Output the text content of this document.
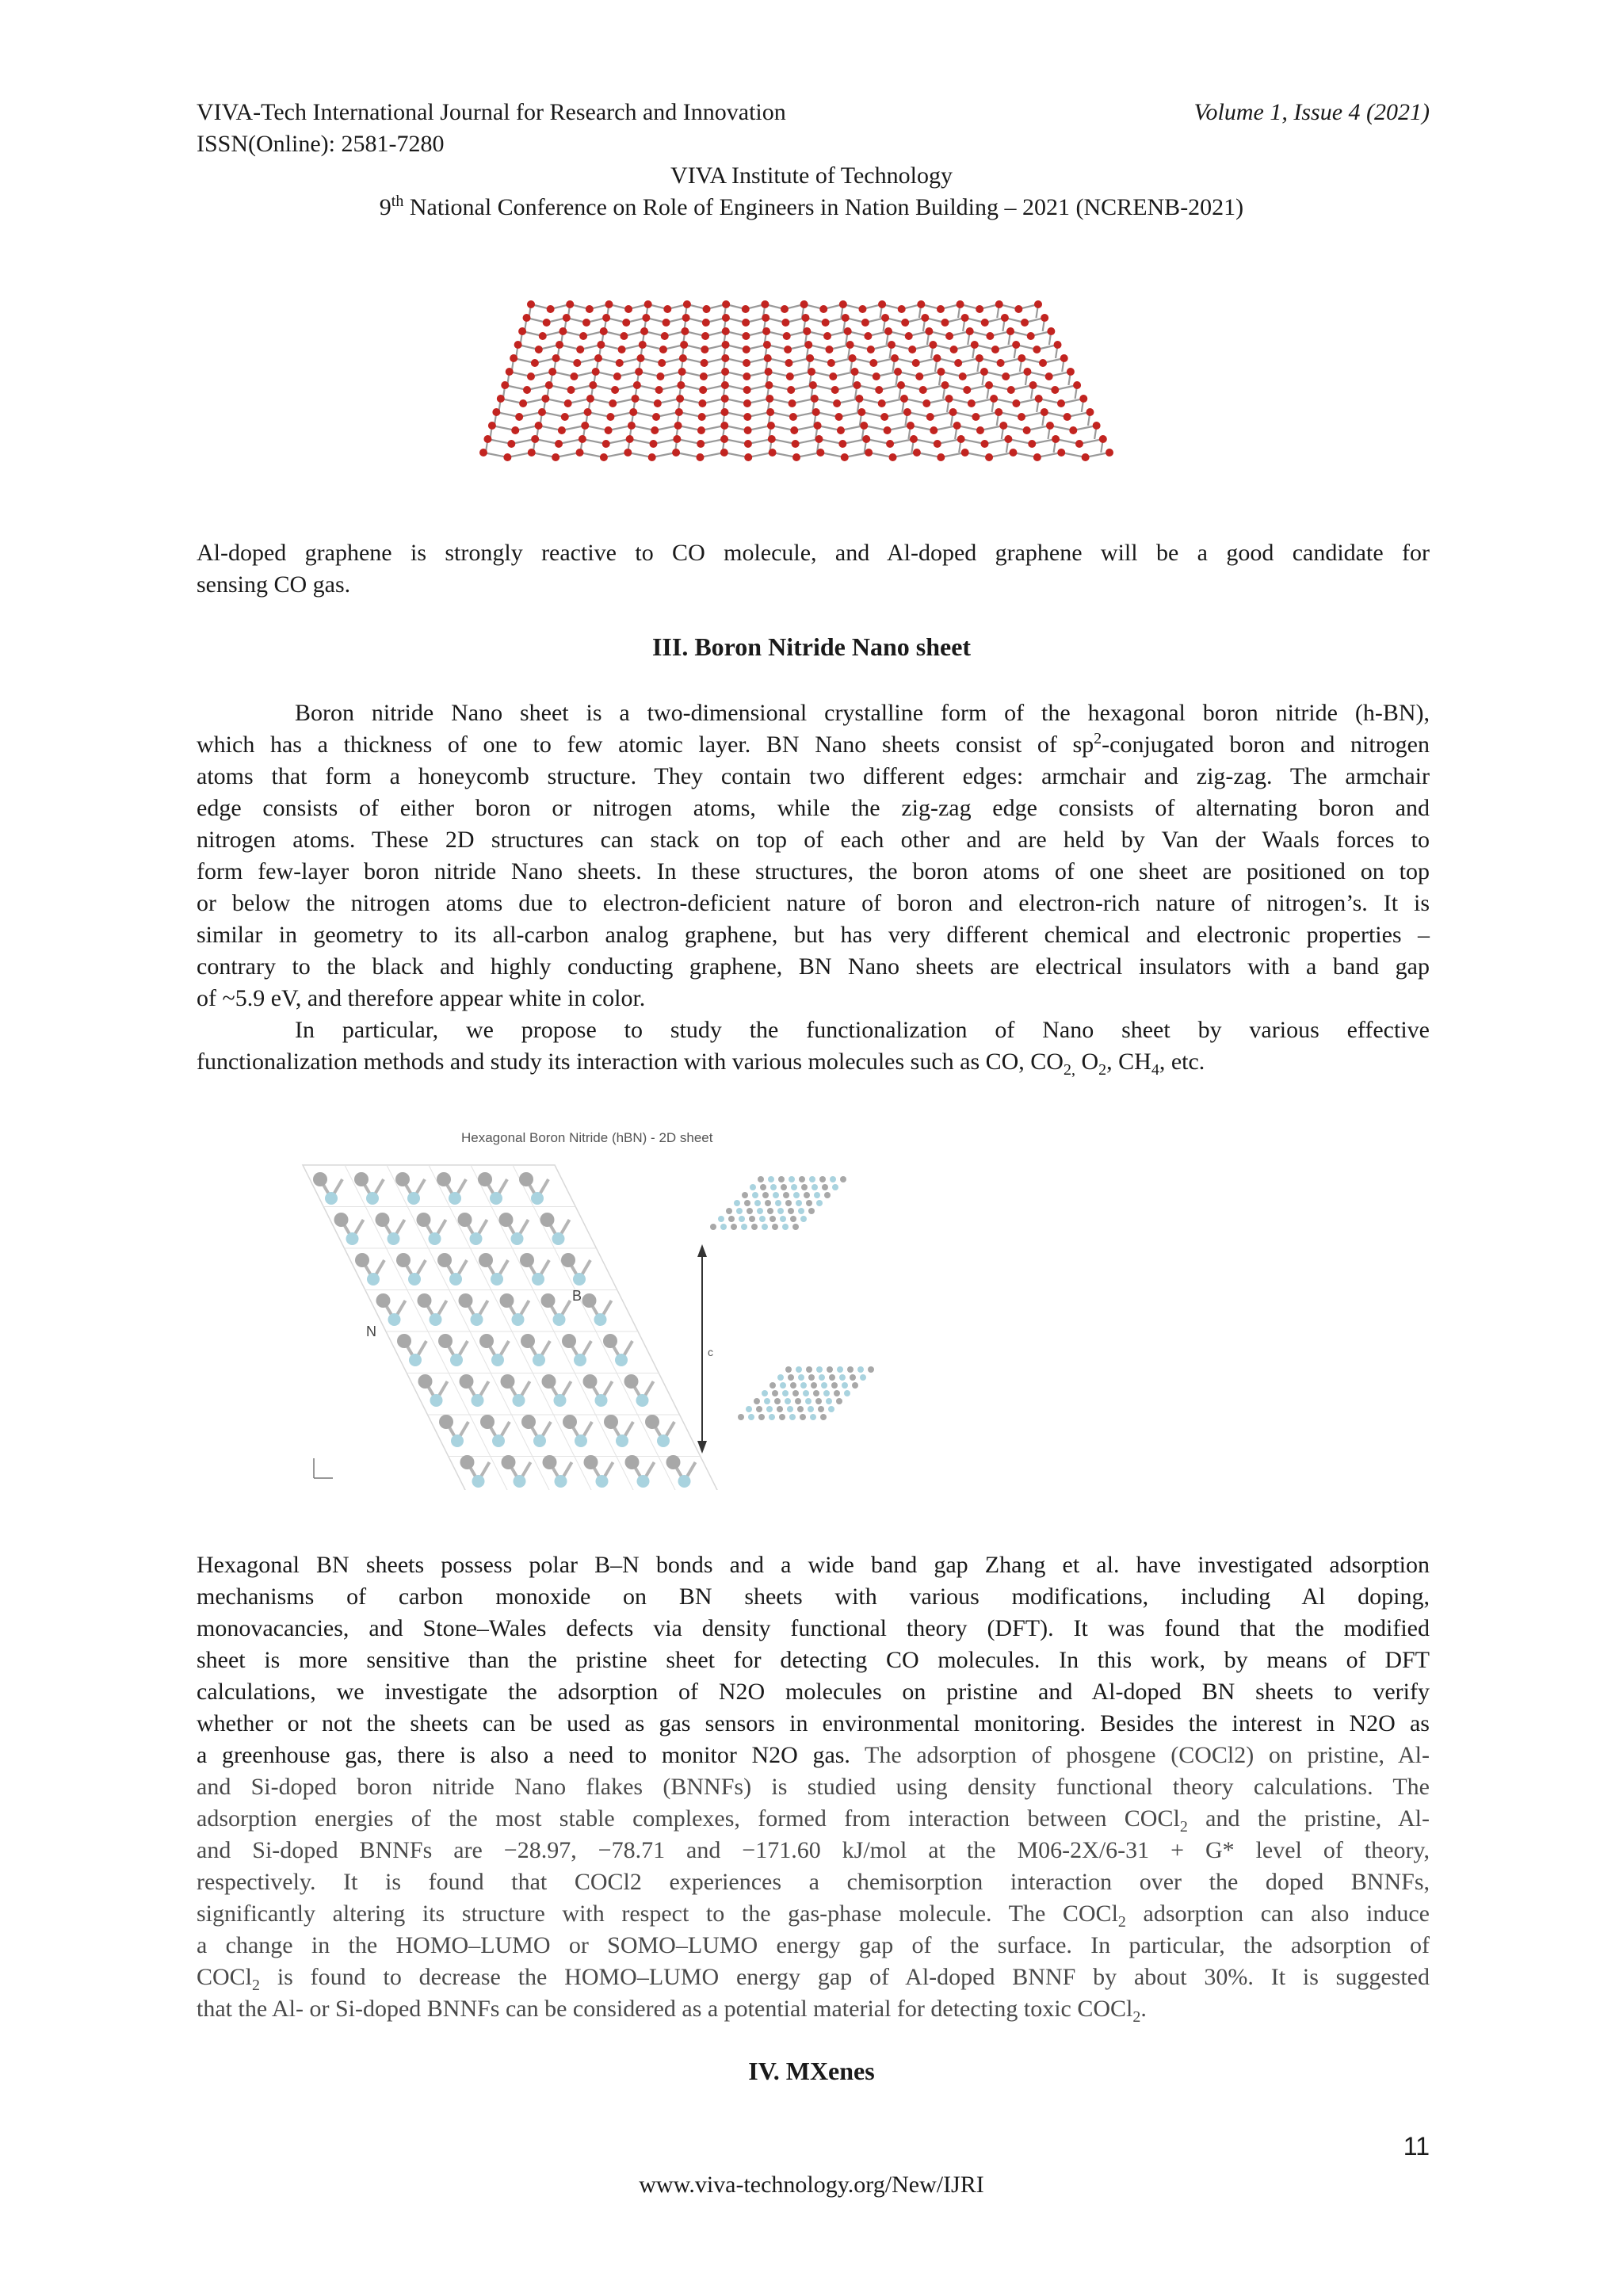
VIVA-Tech International Journal for Research and Innovation	Volume 1, Issue 4 (2021)
ISSN(Online): 2581-7280
VIVA Institute of Technology
9th National Conference on Role of Engineers in Nation Building – 2021 (NCRENB-2021)
Al-doped graphene is strongly reactive to CO molecule, and Al-doped graphene will be a good candidate for
sensing CO gas.
III. Boron Nitride Nano sheet
Boron nitride Nano sheet is a two-dimensional crystalline form of the hexagonal boron nitride (h-BN),
which has a thickness of one to few atomic layer. BN Nano sheets consist of $sp^2$-conjugated boron and nitrogen
atoms that form a honeycomb structure. They contain two different edges: armchair and zig-zag. The armchair
edge consists of either boron or nitrogen atoms, while the zig-zag edge consists of alternating boron and
nitrogen atoms. These 2D structures can stack on top of each other and are held by Van der Waals forces to
form few-layer boron nitride Nano sheets. In these structures, the boron atoms of one sheet are positioned on top
or below the nitrogen atoms due to electron-deficient nature of boron and electron-rich nature of nitrogen’s. It is
similar in geometry to its all-carbon analog graphene, but has very different chemical and electronic properties –
contrary to the black and highly conducting graphene, BN Nano sheets are electrical insulators with a band gap
of ~5.9 eV, and therefore appear white in color.
In particular, we propose to study the functionalization of Nano sheet by various effective
functionalization methods and study its interaction with various molecules such as CO, $CO_{2,}$ $O_2$, $CH_4$, etc.
Hexagonal Boron Nitride (hBN) - 2D sheet
B
N
c
Hexagonal BN sheets possess polar B–N bonds and a wide band gap Zhang et al. have investigated adsorption
mechanisms of carbon monoxide on BN sheets with various modifications, including Al doping,
monovacancies, and Stone–Wales defects via density functional theory (DFT). It was found that the modified
sheet is more sensitive than the pristine sheet for detecting CO molecules. In this work, by means of DFT
calculations, we investigate the adsorption of N2O molecules on pristine and Al-doped BN sheets to verify
whether or not the sheets can be used as gas sensors in environmental monitoring. Besides the interest in N2O as
a greenhouse gas, there is also a need to monitor N2O gas. The adsorption of phosgene (COCl2) on pristine, Al-
and Si-doped boron nitride Nano flakes (BNNFs) is studied using density functional theory calculations. The
adsorption energies of the most stable complexes, formed from interaction between COCl$_2$ and the pristine, Al-
and Si-doped BNNFs are −28.97, −78.71 and −171.60 kJ/mol at the M06-2X/6-31 + G* level of theory,
respectively. It is found that COCl2 experiences a chemisorption interaction over the doped BNNFs,
significantly altering its structure with respect to the gas-phase molecule. The COCl$_2$ adsorption can also induce
a change in the HOMO–LUMO or SOMO–LUMO energy gap of the surface. In particular, the adsorption of
COCl$_2$ is found to decrease the HOMO–LUMO energy gap of Al-doped BNNF by about 30%. It is suggested
that the Al- or Si-doped BNNFs can be considered as a potential material for detecting toxic COCl$_2$.
IV. MXenes
11
www.viva-technology.org/New/IJRI
